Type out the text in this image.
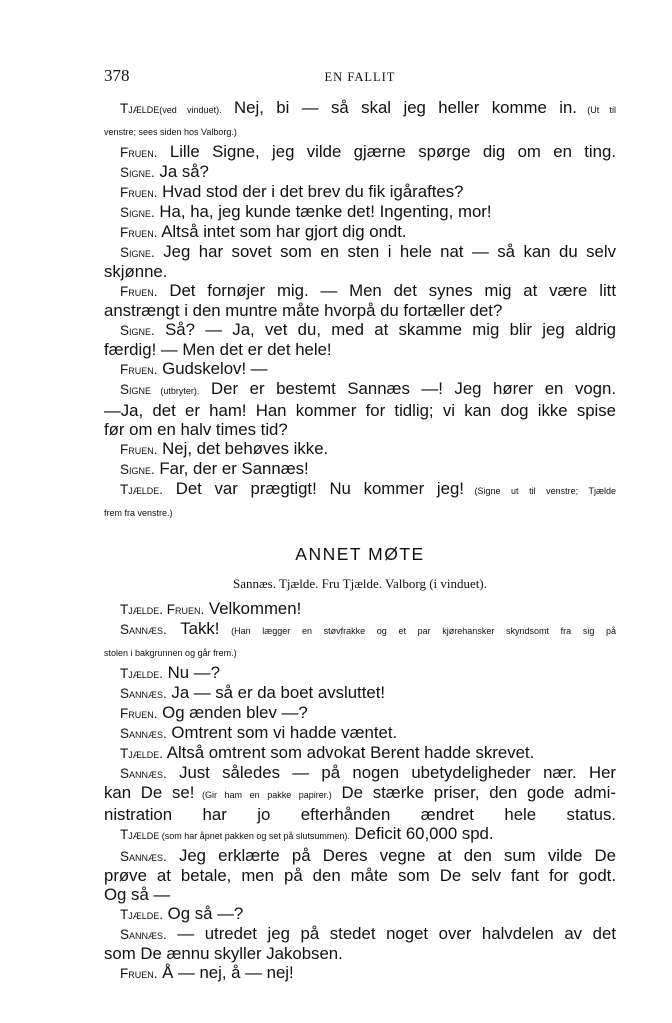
378	EN FALLIT
Tjælde(ved vinduet). Nej, bi — så skal jeg heller komme in. (Ut til
venstre; sees siden hos Valborg.)
Fruen. Lille Signe, jeg vilde gjærne spørge dig om en ting.
Signe. Ja så?
Fruen. Hvad stod der i det brev du fik igåraftes?
Signe. Ha, ha, jeg kunde tænke det! Ingenting, mor!
Fruen. Altså intet som har gjort dig ondt.
Signe. Jeg har sovet som en sten i hele nat — så kan du selv
skjønne.
Fruen. Det fornøjer mig. — Men det synes mig at være litt
anstrængt i den muntre måte hvorpå du fortæller det?
Signe. Så? — Ja, vet du, med at skamme mig blir jeg aldrig
færdig! — Men det er det hele!
Fruen. Gudskelov! —
Signe (utbryter). Der er bestemt Sannæs —! Jeg hører en vogn.
—Ja, det er ham! Han kommer for tidlig; vi kan dog ikke spise
før om en halv times tid?
Fruen. Nej, det behøves ikke.
Signe. Far, der er Sannæs!
Tjælde. Det var prægtigt! Nu kommer jeg! (Signe ut til venstre; Tjælde
frem fra venstre.)
ANNET MØTE
Sannæs. Tjælde. Fru Tjælde. Valborg (i vinduet).
Tjælde. Fruen. Velkommen!
Sannæs. Takk! (Han lægger en støvfrakke og et par kjørehansker skyndsomt fra sig på
stolen i bakgrunnen og går frem.)
Tjælde. Nu —?
Sannæs. Ja — så er da boet avsluttet!
Fruen. Og ænden blev —?
Sannæs. Omtrent som vi hadde væntet.
Tjælde. Altså omtrent som advokat Berent hadde skrevet.
Sannæs. Just således — på nogen ubetydeligheder nær. Her
kan De se! (Gir ham en pakke papirer.) De stærke priser, den gode admi-
nistration har jo efterhånden ændret hele status.
Tjælde (som har åpnet pakken og set på slutsummen). Deficit 60,000 spd.
Sannæs. Jeg erklærte på Deres vegne at den sum vilde De
prøve at betale, men på den måte som De selv fant for godt.
Og så —
Tjælde. Og så —?
Sannæs. — utredet jeg på stedet noget over halvdelen av det
som De ænnu skyller Jakobsen.
Fruen. Å — nej, å — nej!
